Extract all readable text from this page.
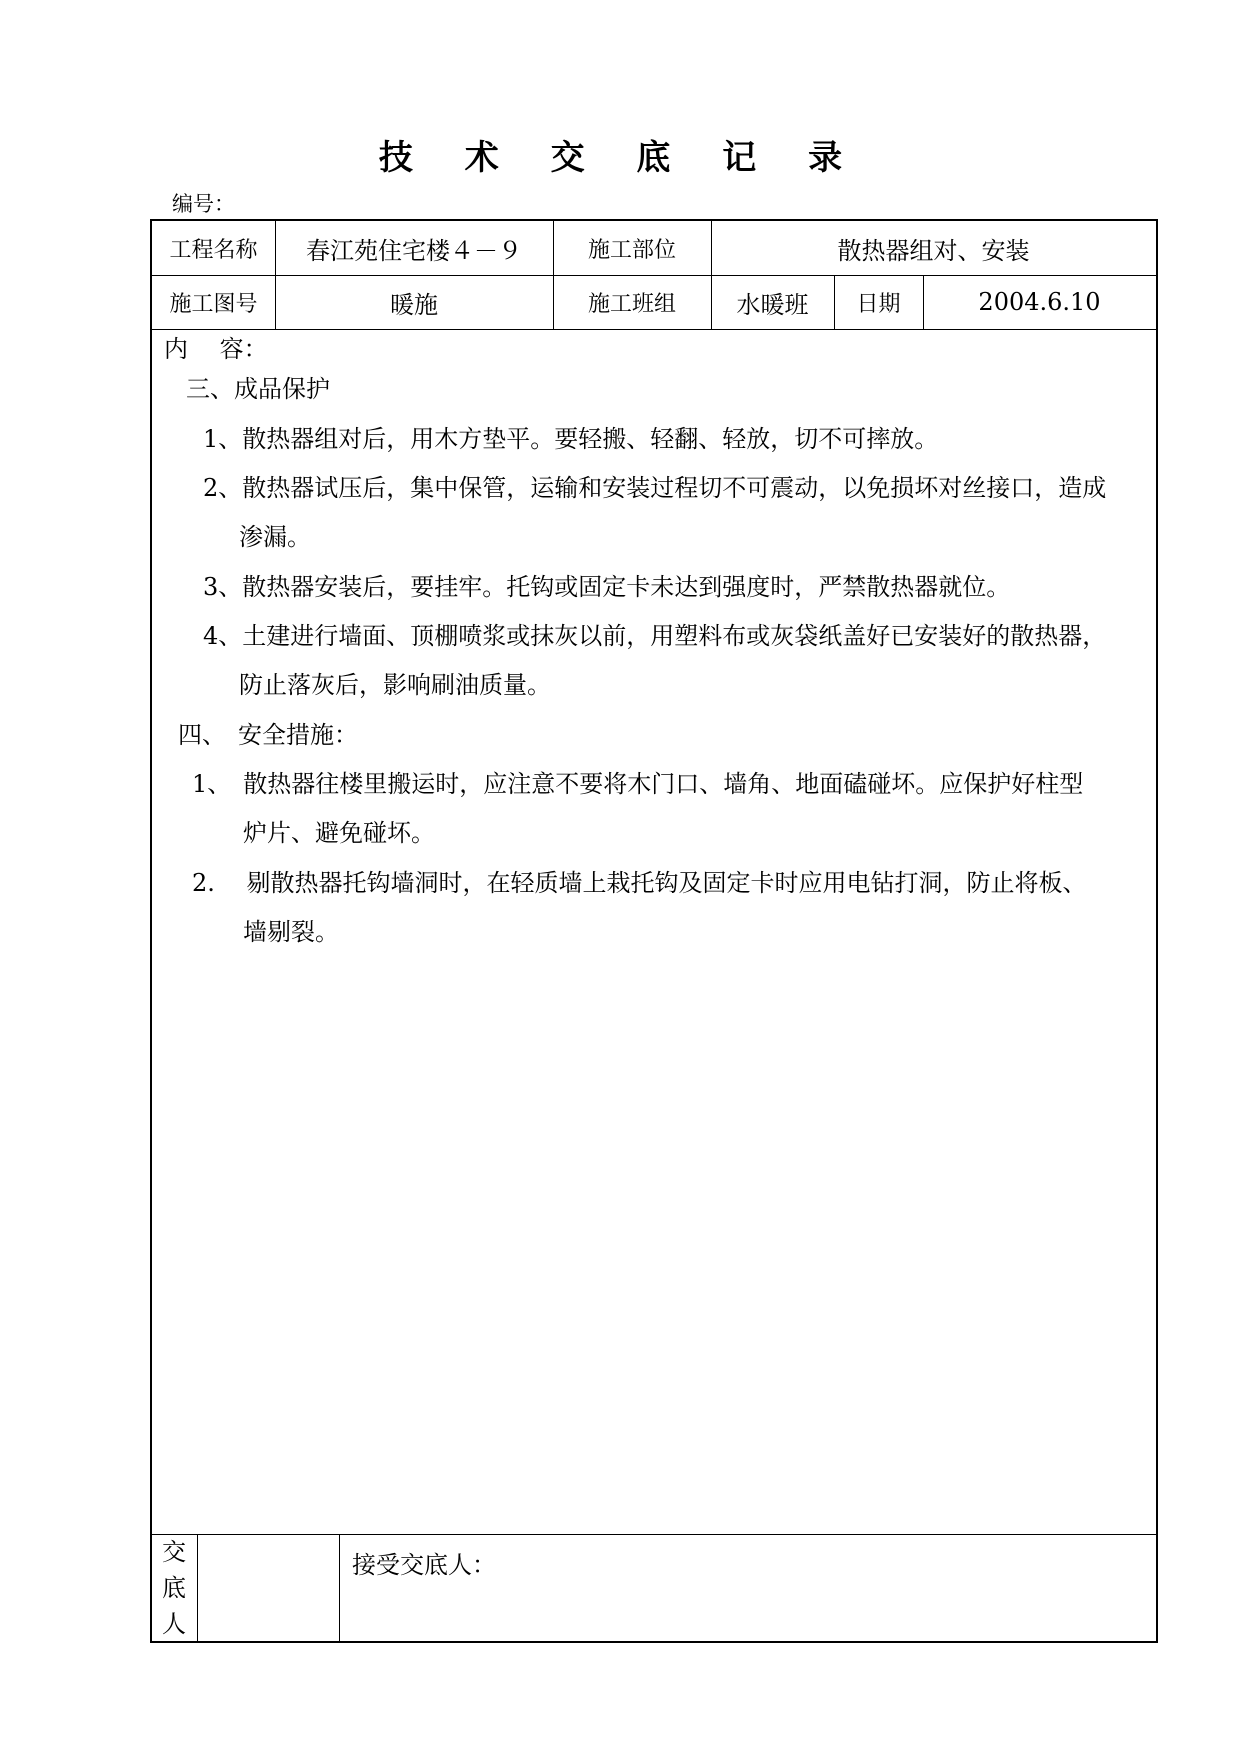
技 术 交 底 记 录
编号：
工程名称	春江苑住宅楼４－９	施工部位	散热器组对、安装
施工图号	暖施	施工班组	水暖班	日期	2004.6.10
内　 容：
三、成品保护
1、散热器组对后，用木方垫平。要轻搬、轻翻、轻放，切不可摔放。
2、散热器试压后，集中保管，运输和安装过程切不可震动，以免损坏对丝接口，造成
渗漏。
3、散热器安装后，要挂牢。托钩或固定卡未达到强度时，严禁散热器就位。
4、土建进行墙面、顶棚喷浆或抹灰以前，用塑料布或灰袋纸盖好已安装好的散热器，
防止落灰后，影响刷油质量。
四、　安全措施：
1、　散热器往楼里搬运时，应注意不要将木门口、墙角、地面磕碰坏。应保护好柱型
炉片、避免碰坏。
2.　 剔散热器托钩墙洞时，在轻质墙上栽托钩及固定卡时应用电钻打洞，防止将板、
墙剔裂。
交
底
人
接受交底人：
